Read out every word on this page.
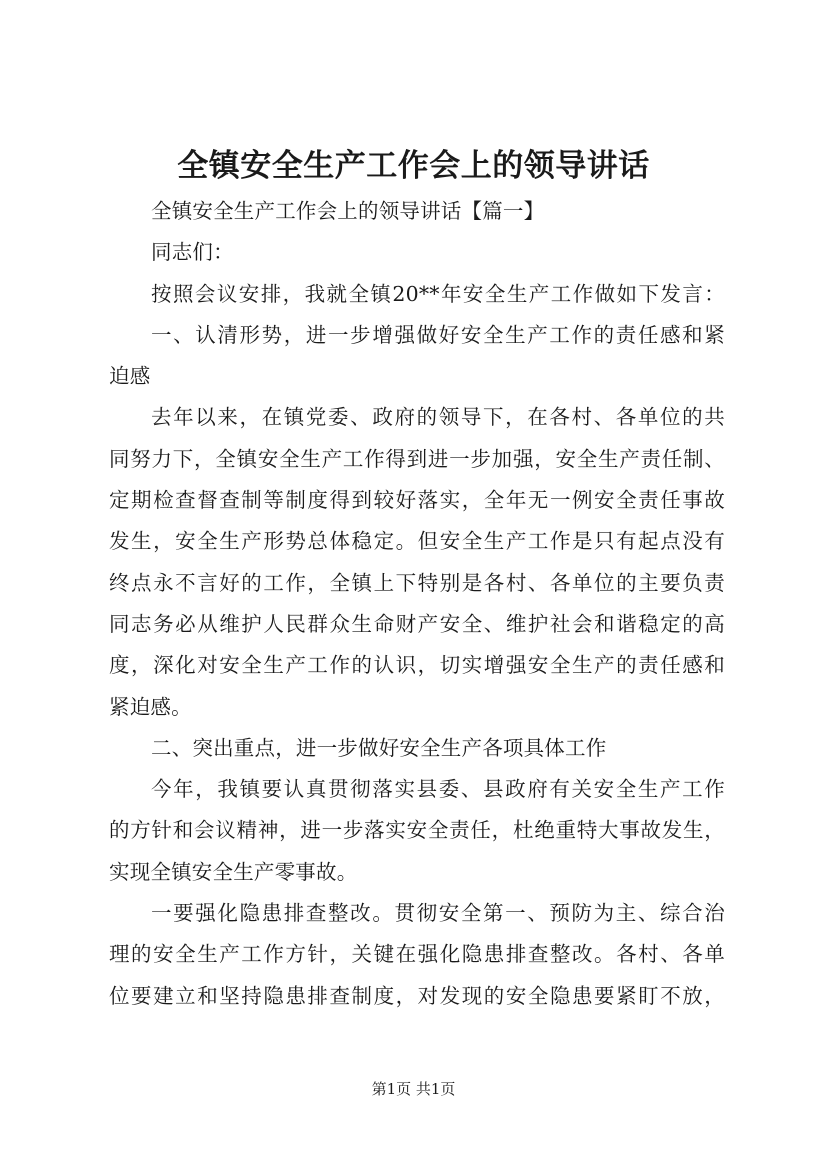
全镇安全生产工作会上的领导讲话

全镇安全生产工作会上的领导讲话【篇一】

同志们：

按照会议安排，我就全镇20**年安全生产工作做如下发言：

一、认清形势，进一步增强做好安全生产工作的责任感和紧

迫感

去年以来，在镇党委、政府的领导下，在各村、各单位的共

同努力下，全镇安全生产工作得到进一步加强，安全生产责任制、

定期检查督查制等制度得到较好落实，全年无一例安全责任事故

发生，安全生产形势总体稳定。但安全生产工作是只有起点没有

终点永不言好的工作，全镇上下特别是各村、各单位的主要负责

同志务必从维护人民群众生命财产安全、维护社会和谐稳定的高

度，深化对安全生产工作的认识，切实增强安全生产的责任感和

紧迫感。

二、突出重点，进一步做好安全生产各项具体工作

今年，我镇要认真贯彻落实县委、县政府有关安全生产工作

的方针和会议精神，进一步落实安全责任，杜绝重特大事故发生，

实现全镇安全生产零事故。

一要强化隐患排查整改。贯彻安全第一、预防为主、综合治

理的安全生产工作方针，关键在强化隐患排查整改。各村、各单

位要建立和坚持隐患排查制度，对发现的安全隐患要紧盯不放，

第1页 共1页
